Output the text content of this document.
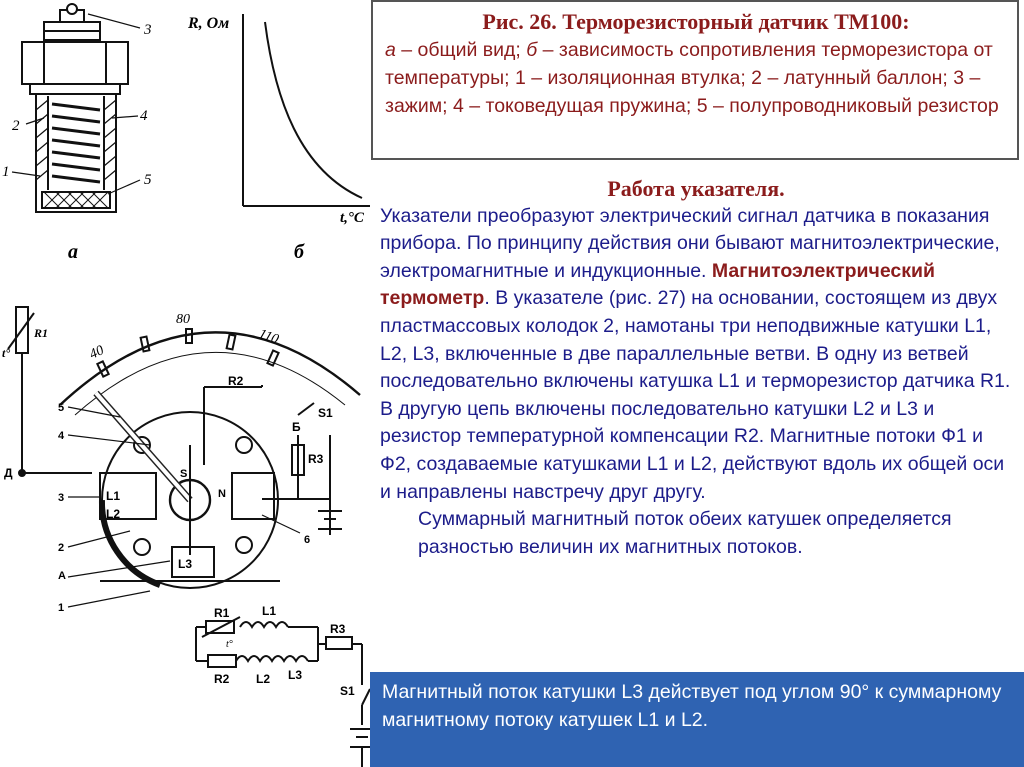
3
2
4
1	5
а
R, Ом
t,°C
б
40
80
110
R1
t°
Д
5
4
3
2
А
1
R2
Б
S1
R3
L1
L2
L3
S
N
6
R1	L1
R3
t°
R2 L2 L3
S1
Рис. 26. Терморезисторный датчик ТМ100:
а – общий вид; б – зависимость сопротивления терморезистора от температуры; 1 – изоляционная втулка; 2 – латунный баллон; 3 – зажим; 4 – токоведущая пружина; 5 – полупроводниковый резистор
Работа указателя.
Указатели преобразуют электрический сигнал датчика в показания прибора. По принципу действия они бывают магнитоэлектрические, электромагнитные и индукционные. Магнитоэлектрический термометр. В указателе (рис. 27) на основании, состоящем из двух пластмассовых колодок 2, намотаны три неподвижные катушки L1, L2, L3, включенные в две параллельные ветви. В одну из ветвей последовательно включены катушка L1 и терморезистор датчика R1. В другую цепь включены последовательно катушки L2 и L3 и резистор температурной компенсации R2. Магнитные потоки Ф1 и Ф2, создаваемые катушками L1 и L2, действуют вдоль их общей оси и направлены навстречу друг другу.
Суммарный магнитный поток обеих катушек определяется разностью величин их магнитных потоков.
Магнитный поток катушки L3 действует под углом 90° к суммарному магнитному потоку катушек L1 и L2.
